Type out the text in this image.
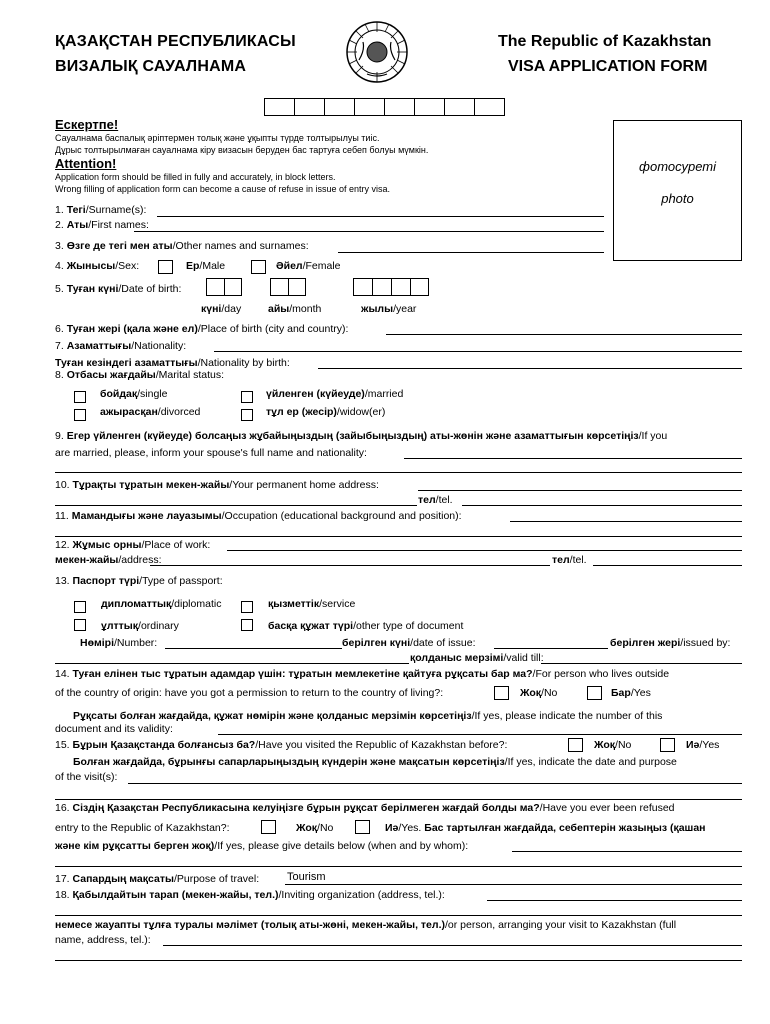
ҚАЗАҚСТАН РЕСПУБЛИКАСЫ
ВИЗАЛЫҚ САУАЛНАМА
The Republic of Kazakhstan
VISA APPLICATION FORM
фотосуреті
photo
Ескертпе!
Сауалнама баспалық әріптермен толық және ұқыпты түрде толтырылуы тиіс.
Дұрыс толтырылмаған сауалнама кіру визасын беруден бас тартуға себеп болуы мүмкін.
Attention!
Application form should be filled in fully and accurately, in block letters.
Wrong filling of application form can become a cause of refuse in issue of entry visa.
1. Тегі/Surname(s):
2. Аты/First names:
3. Өзге де тегі мен аты/Other names and surnames:
4. Жынысы/Sex:	Ер/Male	Әйел/Female
5. Туған күні/Date of birth:
күні/day	айы/month	жылы/year
6. Туған жері (қала және ел)/Place of birth (city and country):
7. Азаматтығы/Nationality:
Туған кезіндегі азаматтығы/Nationality by birth:
8. Отбасы жағдайы/Marital status:
бойдақ/single	үйленген (күйеуде)/married
ажырасқан/divorced	тұл ер (жесір)/widow(er)
9. Егер үйленген (күйеуде) болсаңыз жұбайыңыздың (зайыбыңыздың) аты-жөнін және азаматтығын көрсетіңіз/If you
are married, please, inform your spouse's full name and nationality:
10. Тұрақты тұратын мекен-жайы/Your permanent home address:
тел/tel.
11. Мамандығы және лауазымы/Occupation (educational background and position):
12. Жұмыс орны/Place of work:
мекен-жайы/address:	тел/tel.
13. Паспорт түрі/Type of passport:
дипломаттық/diplomatic	қызметтік/service
ұлттық/ordinary	басқа құжат түрі/other type of document
Нөмірі/Number:	берілген күні/date of issue:	берілген жері/issued by:
қолданыс мерзімі/valid till:
14. Туған елінен тыс тұратын адамдар үшін: тұратын мемлекетіне қайтуға рұқсаты бар ма?/For person who lives outside
of the country of origin: have you got a permission to return to the country of living?:	Жоқ/No	Бар/Yes
Рұқсаты болған жағдайда, құжат нөмірін және қолданыс мерзімін көрсетіңіз/If yes, please indicate the number of this
document and its validity:
15. Бұрын Қазақстанда болғансыз ба?/Have you visited the Republic of Kazakhstan before?:	Жоқ/No	Иә/Yes
Болған жағдайда, бұрынғы сапарларыңыздың күндерін және мақсатын көрсетіңіз/If yes, indicate the date and purpose
of the visit(s):
16. Сіздің Қазақстан Республикасына келуіңізге бұрын рұқсат берілмеген жағдай болды ма?/Have you ever been refused
entry to the Republic of Kazakhstan?:	Жоқ/No	Иә/Yes. Бас тартылған жағдайда, себептерін жазыңыз (қашан
және кім рұқсатты берген жоқ)/If yes, please give details below (when and by whom):
17. Сапардың мақсаты/Purpose of travel:	Tourism
18. Қабылдайтын тарап (мекен-жайы, тел.)/Inviting organization (address, tel.):
немесе жауапты тұлға туралы мәлімет (толық аты-жөні, мекен-жайы, тел.)/or person, arranging your visit to Kazakhstan (full
name, address, tel.):
